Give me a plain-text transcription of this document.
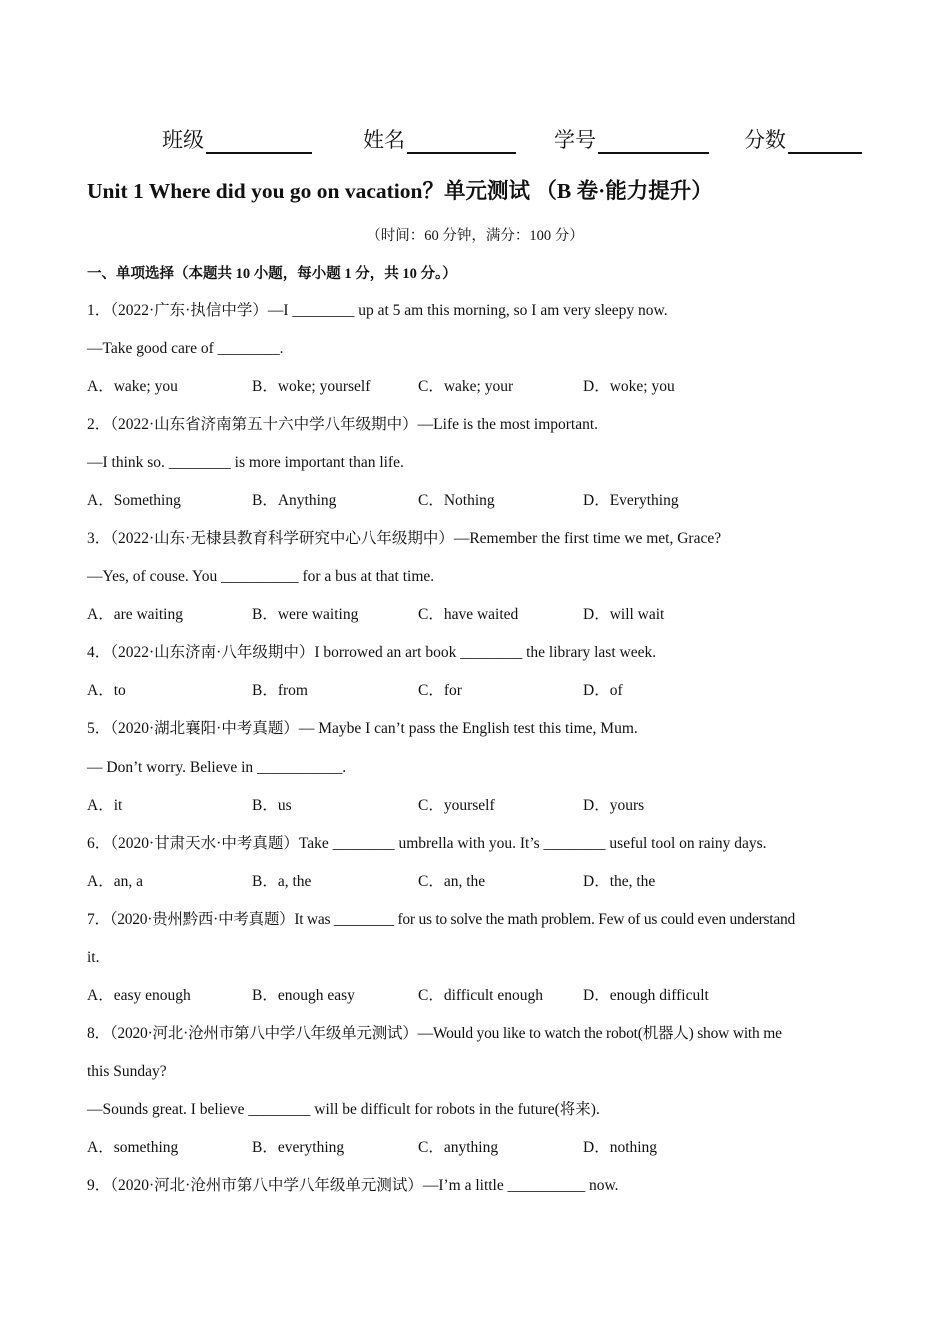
班级	姓名	学号	分数
Unit 1 Where did you go on vacation？单元测试 （B 卷·能力提升）
（时间：60 分钟，满分：100 分）
一、单项选择（本题共 10 小题，每小题 1 分，共 10 分。）
1．（2022·广东·执信中学）—I ________ up at 5 am this morning, so I am very sleepy now.
—Take good care of ________.
A．wake; you	B．woke; yourself	C．wake; your	D．woke; you
2．（2022·山东省济南第五十六中学八年级期中）—Life is the most important.
—I think so. ________ is more important than life.
A．Something	B．Anything	C．Nothing	D．Everything
3．（2022·山东·无棣县教育科学研究中心八年级期中）—Remember the first time we met, Grace?
—Yes, of couse. You __________ for a bus at that time.
A．are waiting	B．were waiting	C．have waited	D．will wait
4．（2022·山东济南·八年级期中）I borrowed an art book ________ the library last week.
A．to	B．from	C．for	D．of
5．（2020·湖北襄阳·中考真题）— Maybe I can’t pass the English test this time, Mum.
— Don’t worry. Believe in ___________.
A．it	B．us	C．yourself	D．yours
6．（2020·甘肃天水·中考真题）Take ________ umbrella with you. It’s ________ useful tool on rainy days.
A．an, a	B．a, the	C．an, the	D．the, the
7．（2020·贵州黔西·中考真题）It was ________ for us to solve the math problem. Few of us could even understand
it.
A．easy enough	B．enough easy	C．difficult enough	D．enough difficult
8．（2020·河北·沧州市第八中学八年级单元测试）—Would you like to watch the robot(机器人) show with me
this Sunday?
—Sounds great. I believe ________ will be difficult for robots in the future(将来).
A．something	B．everything	C．anything	D．nothing
9．（2020·河北·沧州市第八中学八年级单元测试）—I’m a little __________ now.
